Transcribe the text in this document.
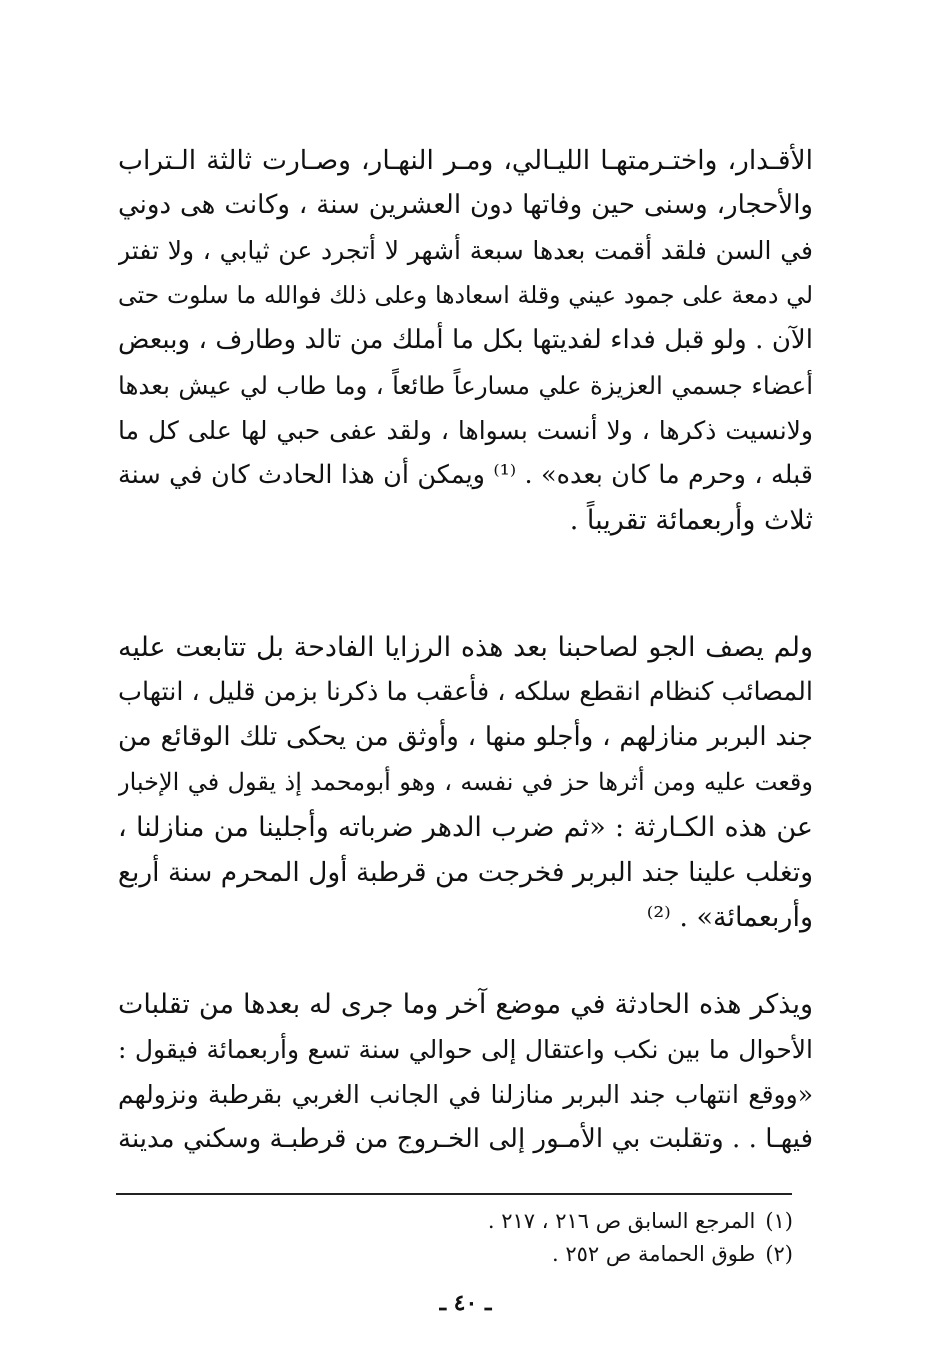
الأقـدار، واختـرمتهـا الليـالي، ومـر النهـار، وصـارت ثالثة الـتراب
والأحجار، وسنى حين وفاتها دون العشرين سنة ، وكانت هى دوني
في السن فلقد أقمت بعدها سبعة أشهر لا أتجرد عن ثيابي ، ولا تفتر
لي دمعة على جمود عيني وقلة اسعادها وعلى ذلك فوالله ما سلوت حتى
الآن . ولو قبل فداء لفديتها بكل ما أملك من تالد وطارف ، وببعض
أعضاء جسمي العزيزة علي مسارعاً طائعاً ، وما طاب لي عيش بعدها
ولانسيت ذكرها ، ولا أنست بسواها ، ولقد عفى حبي لها على كل ما
قبله ، وحرم ما كان بعده» . ⁽¹⁾ ويمكن أن هذا الحادث كان في سنة
ثلاث وأربعمائة تقريباً .
ولم يصف الجو لصاحبنا بعد هذه الرزايا الفادحة بل تتابعت عليه
المصائب كنظام انقطع سلكه ، فأعقب ما ذكرنا بزمن قليل ، انتهاب
جند البربر منازلهم ، وأجلو منها ، وأوثق من يحكى تلك الوقائع من
وقعت عليه ومن أثرها حز في نفسه ، وهو أبومحمد إذ يقول في الإخبار
عن هذه الكـارثة : «ثم ضرب الدهر ضرباته وأجلينا من منازلنا ،
وتغلب علينا جند البربر فخرجت من قرطبة أول المحرم سنة أربع
وأربعمائة» . ⁽²⁾
ويذكر هذه الحادثة في موضع آخر وما جرى له بعدها من تقلبات
الأحوال ما بين نكب واعتقال إلى حوالي سنة تسع وأربعمائة فيقول :
«ووقع انتهاب جند البربر منازلنا في الجانب الغربي بقرطبة ونزولهم
فيهـا . . وتقلبت بي الأمـور إلى الخـروج من قرطبـة وسكني مدينة
(١)المرجع السابق ص ٢١٦ ، ٢١٧ .
(٢)طوق الحمامة ص ٢٥٢ .
ـ ٤٠ ـ
